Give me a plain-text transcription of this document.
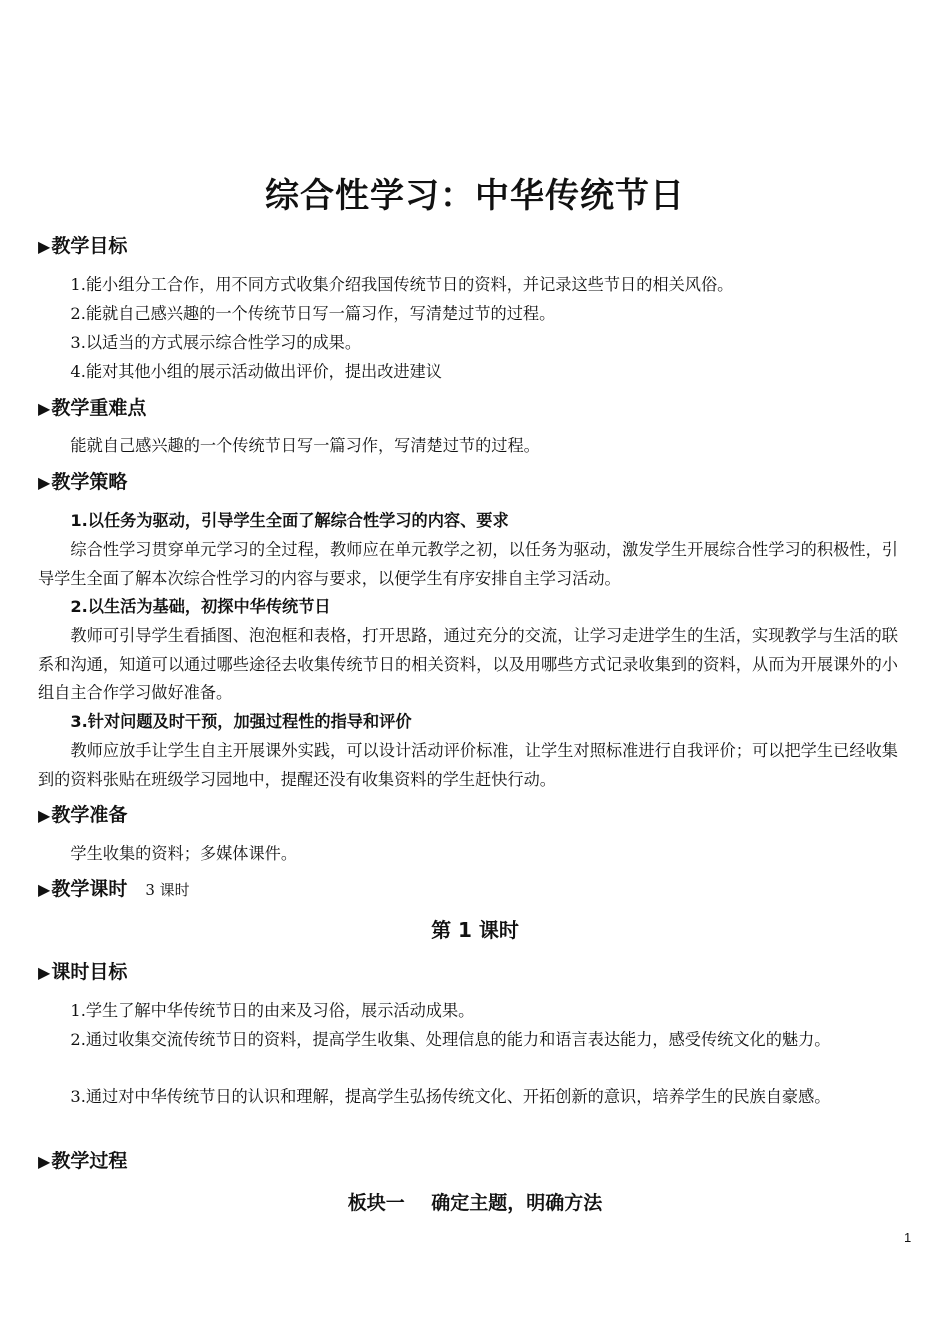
综合性学习：中华传统节日
▶教学目标

1.能小组分工合作，用不同方式收集介绍我国传统节日的资料，并记录这些节日的相关风俗。

2.能就自己感兴趣的一个传统节日写一篇习作，写清楚过节的过程。

3.以适当的方式展示综合性学习的成果。

4.能对其他小组的展示活动做出评价，提出改进建议

▶教学重难点

能就自己感兴趣的一个传统节日写一篇习作，写清楚过节的过程。

▶教学策略

1.以任务为驱动，引导学生全面了解综合性学习的内容、要求

综合性学习贯穿单元学习的全过程，教师应在单元教学之初，以任务为驱动，激发学生开展综合性学习的积极性，引导学生全面了解本次综合性学习的内容与要求，以便学生有序安排自主学习活动。

2.以生活为基础，初探中华传统节日

教师可引导学生看插图、泡泡框和表格，打开思路，通过充分的交流，让学习走进学生的生活，实现教学与生活的联系和沟通，知道可以通过哪些途径去收集传统节日的相关资料，以及用哪些方式记录收集到的资料，从而为开展课外的小组自主合作学习做好准备。

3.针对问题及时干预，加强过程性的指导和评价

教师应放手让学生自主开展课外实践，可以设计活动评价标准，让学生对照标准进行自我评价；可以把学生已经收集到的资料张贴在班级学习园地中，提醒还没有收集资料的学生赶快行动。

▶教学准备

学生收集的资料；多媒体课件。

▶教学课时 3 课时
第 1 课时
▶课时目标

1.学生了解中华传统节日的由来及习俗，展示活动成果。

2.通过收集交流传统节日的资料，提高学生收集、处理信息的能力和语言表达能力，感受传统文化的魅力。

3.通过对中华传统节日的认识和理解，提高学生弘扬传统文化、开拓创新的意识，培养学生的民族自豪感。

▶教学过程
板块一    确定主题，明确方法
1
